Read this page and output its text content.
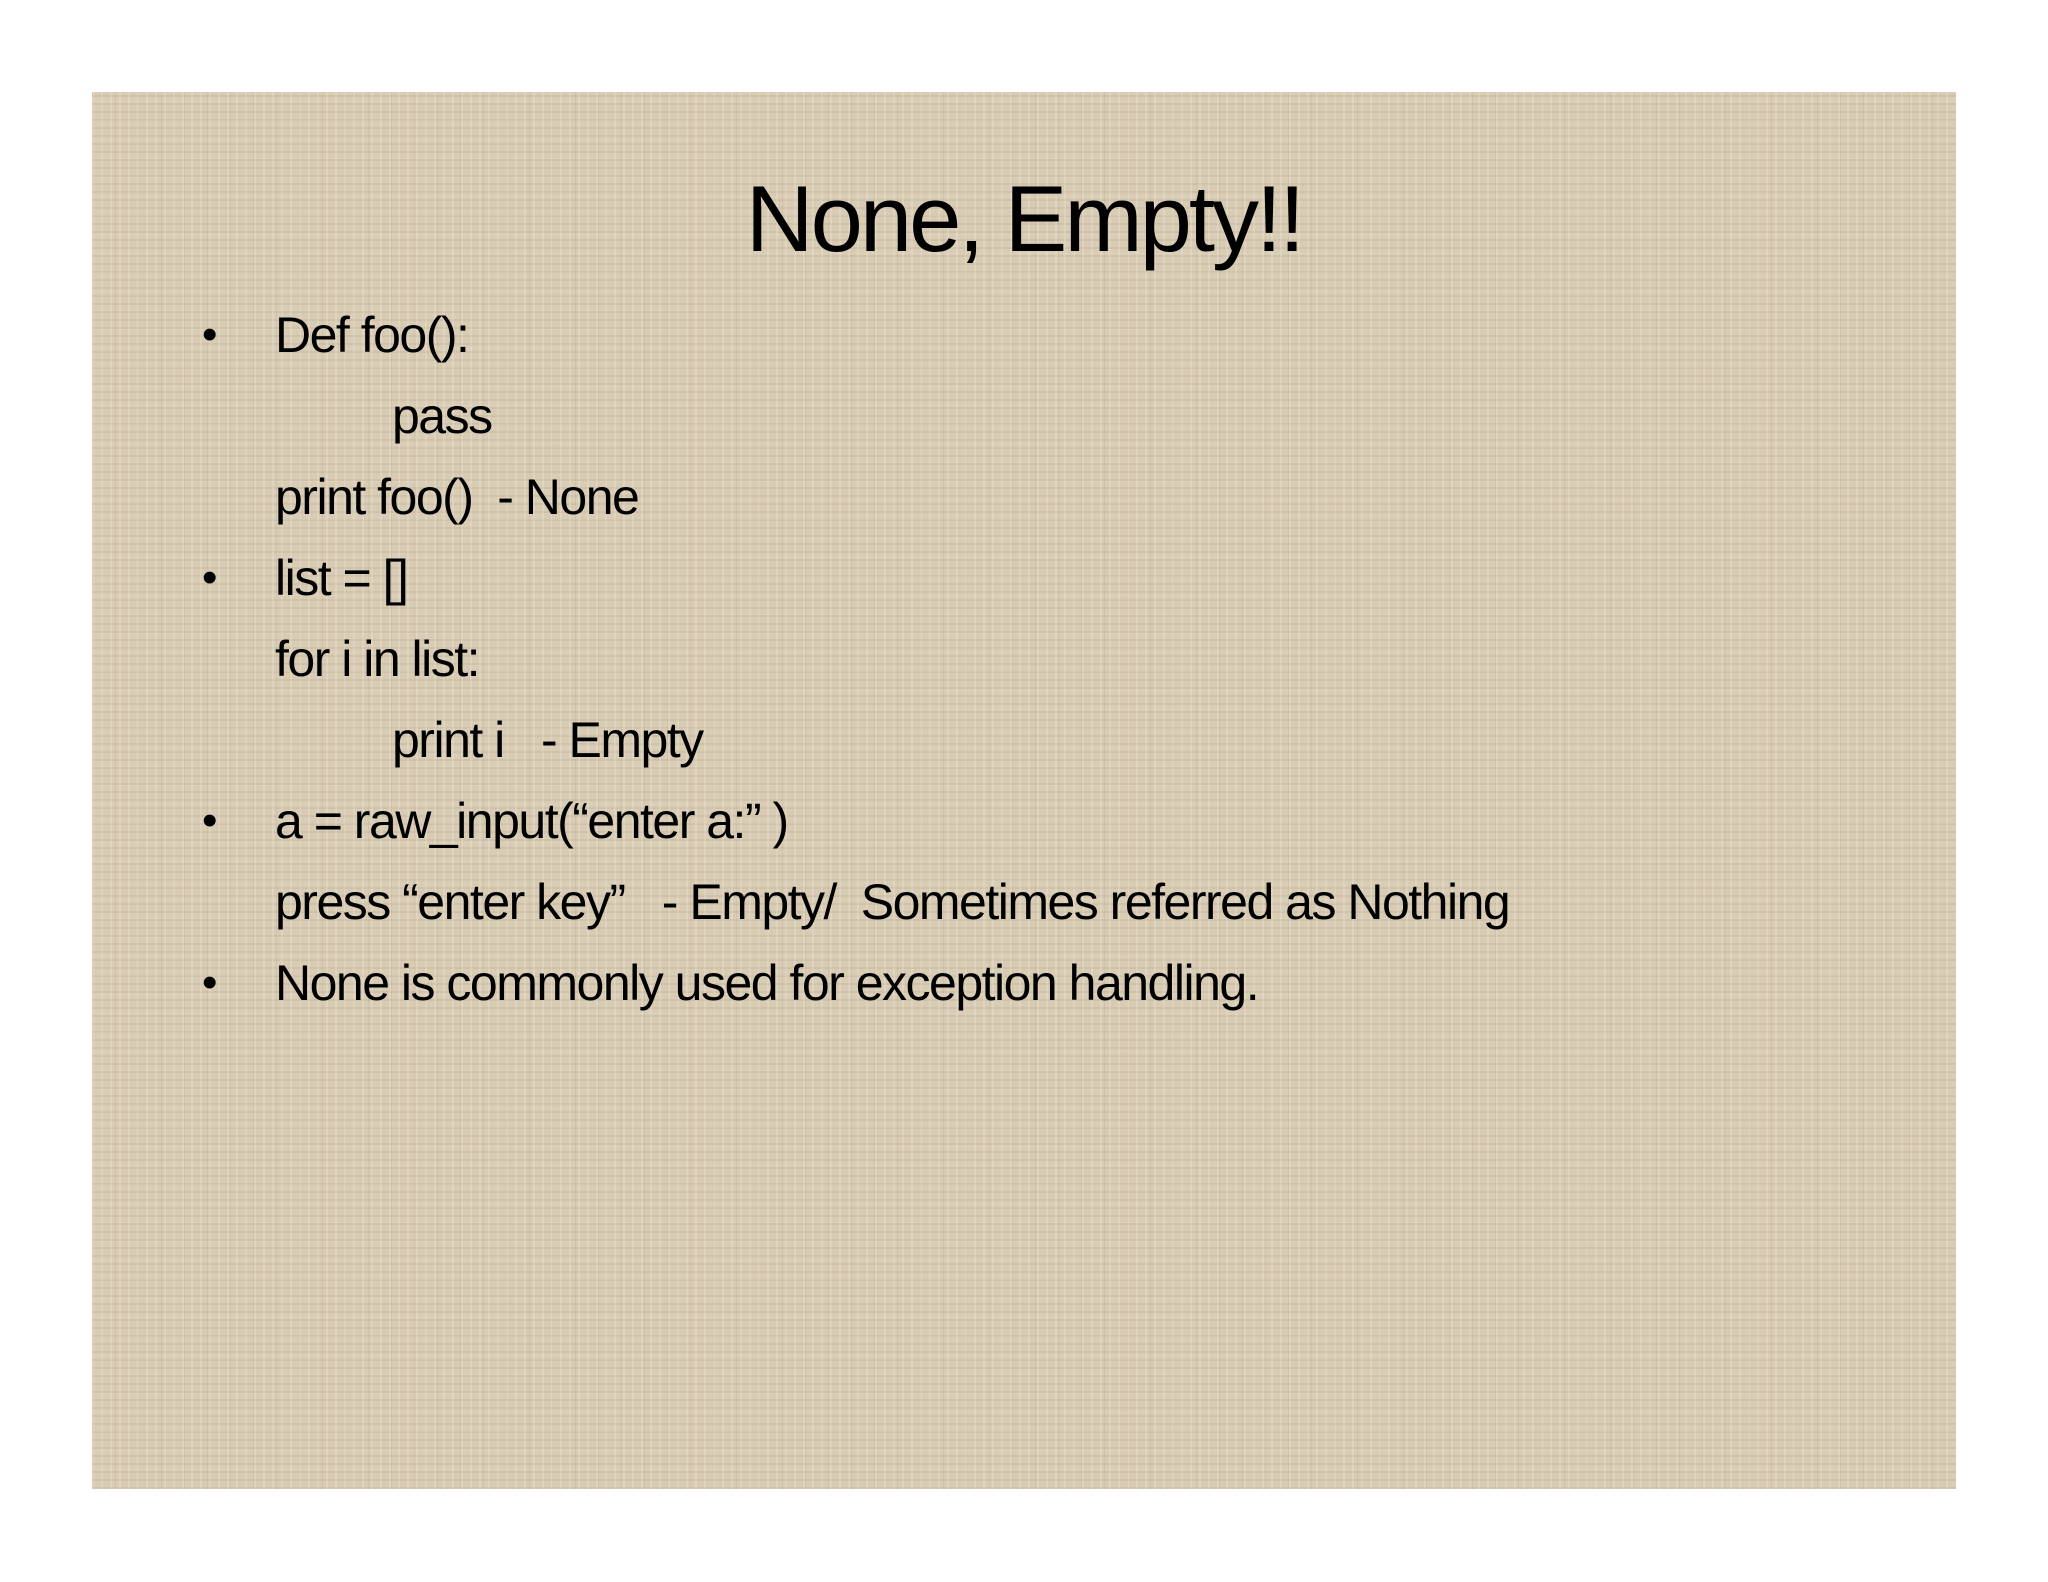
None, Empty!!
• Def foo():
pass
print foo()  - None
• list = []
for i in list:
print i   - Empty
• a = raw_input(“enter a:” )
press “enter key”   - Empty/  Sometimes referred as Nothing
• None is commonly used for exception handling.
